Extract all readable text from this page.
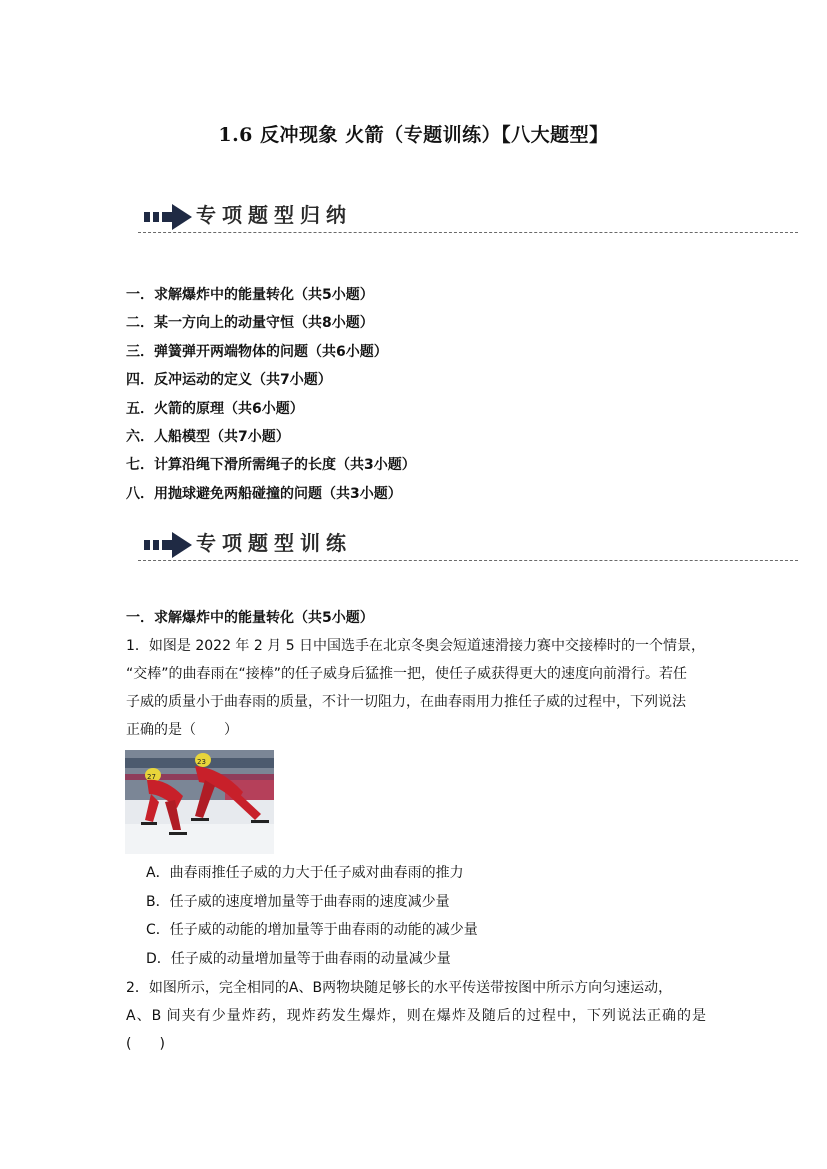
1.6 反冲现象 火箭（专题训练）【八大题型】
专项题型归纳
一．求解爆炸中的能量转化（共5小题）
二．某一方向上的动量守恒（共8小题）
三．弹簧弹开两端物体的问题（共6小题）
四．反冲运动的定义（共7小题）
五．火箭的原理（共6小题）
六．人船模型（共7小题）
七．计算沿绳下滑所需绳子的长度（共3小题）
八．用抛球避免两船碰撞的问题（共3小题）
专项题型训练
一．求解爆炸中的能量转化（共5小题）
1．如图是 2022 年 2 月 5 日中国选手在北京冬奥会短道速滑接力赛中交接棒时的一个情景，
“交棒”的曲春雨在“接棒”的任子威身后猛推一把，使任子威获得更大的速度向前滑行。若任
子威的质量小于曲春雨的质量，不计一切阻力，在曲春雨用力推任子威的过程中，下列说法
正确的是（　　）
27
23
A．曲春雨推任子威的力大于任子威对曲春雨的推力
B．任子威的速度增加量等于曲春雨的速度减少量
C．任子威的动能的增加量等于曲春雨的动能的减少量
D．任子威的动量增加量等于曲春雨的动量减少量
2．如图所示，完全相同的A、B两物块随足够长的水平传送带按图中所示方向匀速运动，
A、B 间夹有少量炸药，现炸药发生爆炸，则在爆炸及随后的过程中，下列说法正确的是(　　)
